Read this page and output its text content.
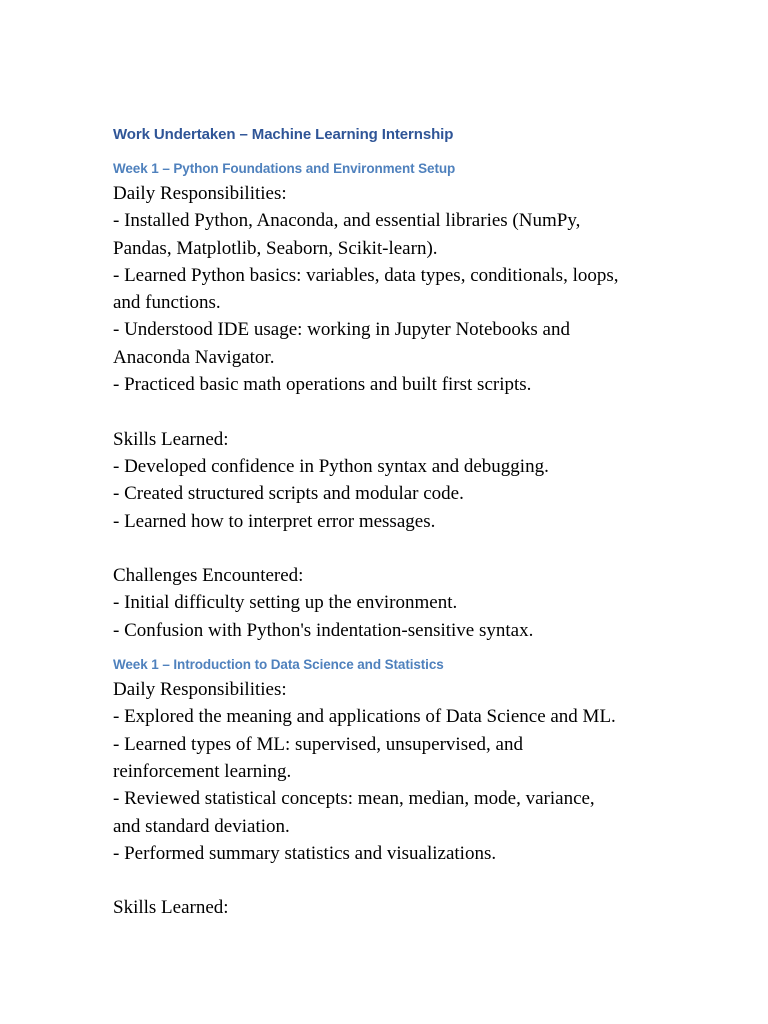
Work Undertaken – Machine Learning Internship
Week 1 – Python Foundations and Environment Setup
Daily Responsibilities:
- Installed Python, Anaconda, and essential libraries (NumPy,
Pandas, Matplotlib, Seaborn, Scikit-learn).
- Learned Python basics: variables, data types, conditionals, loops,
and functions.
- Understood IDE usage: working in Jupyter Notebooks and
Anaconda Navigator.
- Practiced basic math operations and built first scripts.
Skills Learned:
- Developed confidence in Python syntax and debugging.
- Created structured scripts and modular code.
- Learned how to interpret error messages.
Challenges Encountered:
- Initial difficulty setting up the environment.
- Confusion with Python's indentation-sensitive syntax.
Week 1 – Introduction to Data Science and Statistics
Daily Responsibilities:
- Explored the meaning and applications of Data Science and ML.
- Learned types of ML: supervised, unsupervised, and
reinforcement learning.
- Reviewed statistical concepts: mean, median, mode, variance,
and standard deviation.
- Performed summary statistics and visualizations.
Skills Learned:
